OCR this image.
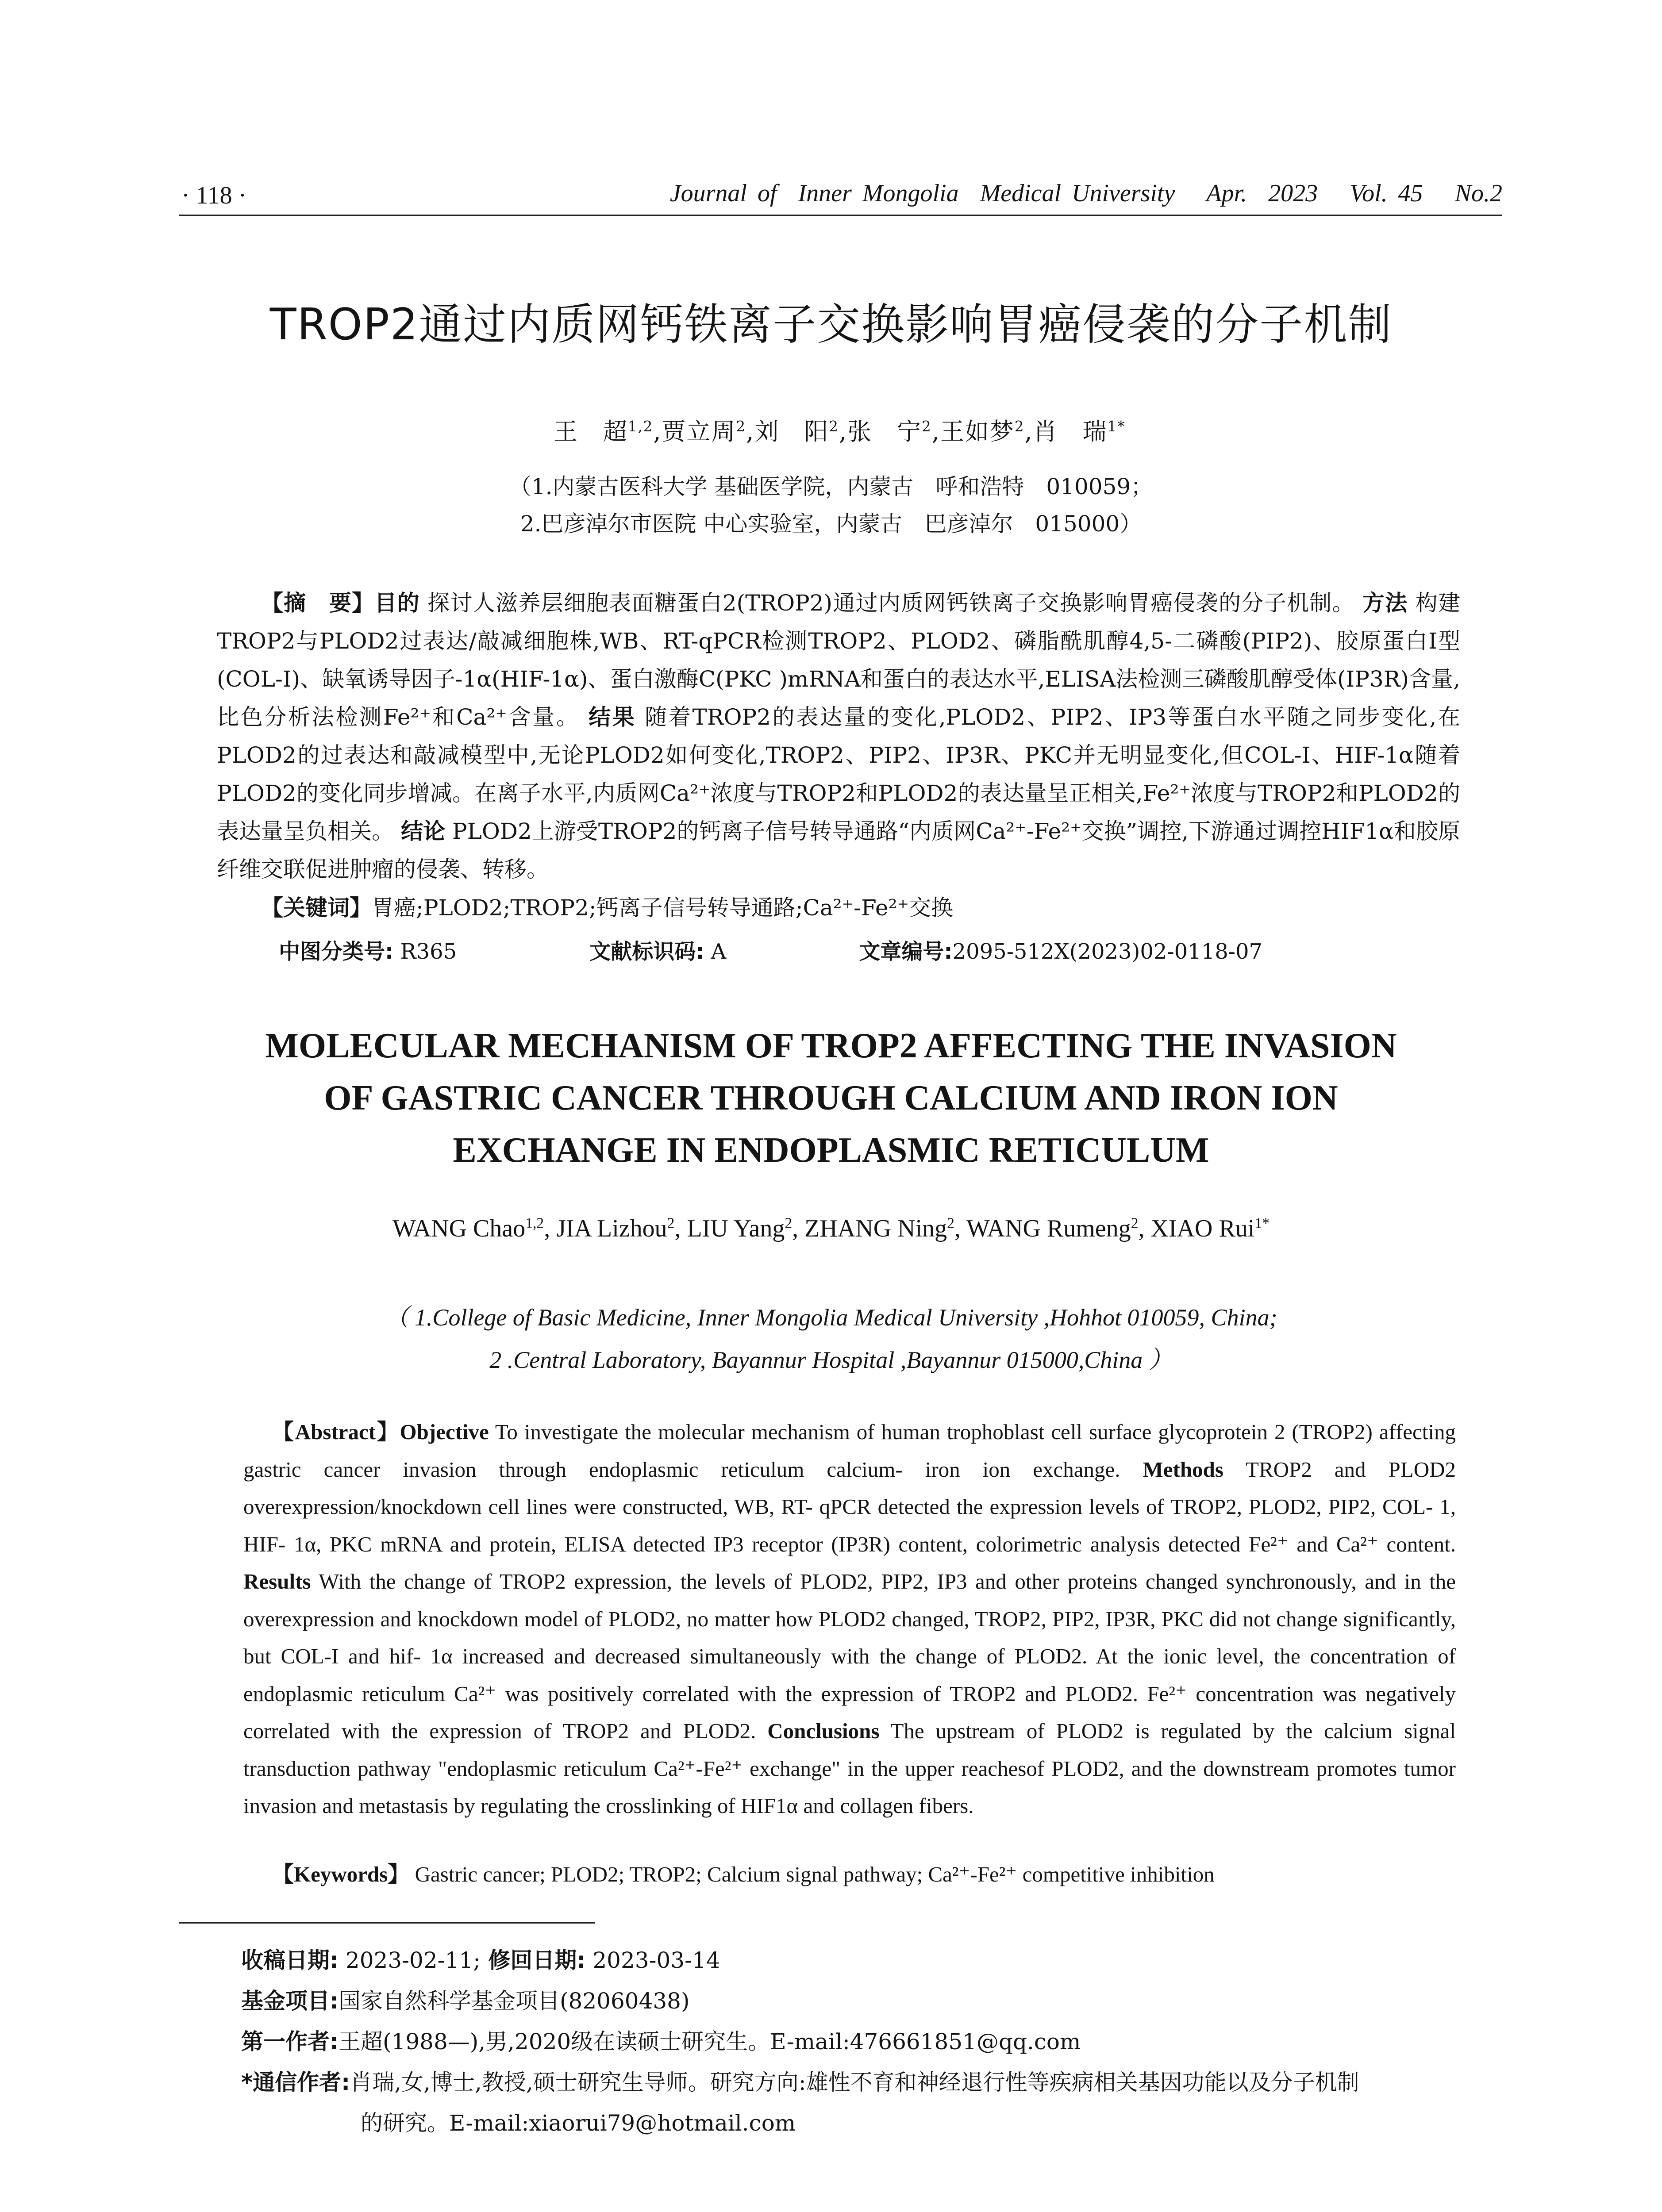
· 118 ·	Journal of  Inner Mongolia  Medical University   Apr.  2023   Vol. 45   No.2
TROP2通过内质网钙铁离子交换影响胃癌侵袭的分子机制

王　超$^{1,2}$,贾立周$^2$,刘　阳$^2$,张　宁$^2$,王如梦$^2$,肖　瑞$^{1*}$

（1.内蒙古医科大学 基础医学院，内蒙古　呼和浩特　010059；
2.巴彦淖尔市医院 中心实验室，内蒙古　巴彦淖尔　015000）
【摘　要】目的 探讨人滋养层细胞表面糖蛋白2(TROP2)通过内质网钙铁离子交换影响胃癌侵袭的分子机制。 方法 构建TROP2与PLOD2过表达/敲减细胞株,WB、RT-qPCR检测TROP2、PLOD2、磷脂酰肌醇4,5-二磷酸(PIP2)、胶原蛋白I型(COL-I)、缺氧诱导因子-1α(HIF-1α)、蛋白激酶C(PKC )mRNA和蛋白的表达水平,ELISA法检测三磷酸肌醇受体(IP3R)含量,比色分析法检测Fe²⁺和Ca²⁺含量。 结果 随着TROP2的表达量的变化,PLOD2、PIP2、IP3等蛋白水平随之同步变化,在PLOD2的过表达和敲减模型中,无论PLOD2如何变化,TROP2、PIP2、IP3R、PKC并无明显变化,但COL-I、HIF-1α随着PLOD2的变化同步增减。在离子水平,内质网Ca²⁺浓度与TROP2和PLOD2的表达量呈正相关,Fe²⁺浓度与TROP2和PLOD2的表达量呈负相关。 结论 PLOD2上游受TROP2的钙离子信号转导通路“内质网Ca²⁺-Fe²⁺交换”调控,下游通过调控HIF1α和胶原纤维交联促进肿瘤的侵袭、转移。
【关键词】胃癌;PLOD2;TROP2;钙离子信号转导通路;Ca²⁺-Fe²⁺交换
中图分类号: R365	文献标识码: A	文章编号:2095-512X(2023)02-0118-07
MOLECULAR MECHANISM OF TROP2 AFFECTING THE INVASION
OF GASTRIC CANCER THROUGH CALCIUM AND IRON ION
EXCHANGE IN ENDOPLASMIC RETICULUM
WANG Chao$^{1,2}$, JIA Lizhou$^2$, LIU Yang$^2$, ZHANG Ning$^2$, WANG Rumeng$^2$, XIAO Rui$^{1*}$
（ 1.College of Basic Medicine, Inner Mongolia Medical University ,Hohhot 010059, China;
2 .Central Laboratory, Bayannur Hospital ,Bayannur 015000,China ）
【Abstract】Objective To investigate the molecular mechanism of human trophoblast cell surface glycoprotein 2 (TROP2) affecting gastric cancer invasion through endoplasmic reticulum calcium- iron ion exchange. Methods TROP2 and PLOD2 overexpression/knockdown cell lines were constructed, WB, RT- qPCR detected the expression levels of TROP2, PLOD2, PIP2, COL- 1, HIF- 1α, PKC mRNA and protein, ELISA detected IP3 receptor (IP3R) content, colorimetric analysis detected Fe²⁺ and Ca²⁺ content. Results With the change of TROP2 expression, the levels of PLOD2, PIP2, IP3 and other proteins changed synchronously, and in the overexpression and knockdown model of PLOD2, no matter how PLOD2 changed, TROP2, PIP2, IP3R, PKC did not change significantly, but COL-I and hif- 1α increased and decreased simultaneously with the change of PLOD2. At the ionic level, the concentration of endoplasmic reticulum Ca²⁺ was positively correlated with the expression of TROP2 and PLOD2. Fe²⁺ concentration was negatively correlated with the expression of TROP2 and PLOD2. Conclusions The upstream of PLOD2 is regulated by the calcium signal transduction pathway "endoplasmic reticulum Ca²⁺-Fe²⁺ exchange" in the upper reachesof PLOD2, and the downstream promotes tumor invasion and metastasis by regulating the crosslinking of HIF1α and collagen fibers.
【Keywords】 Gastric cancer; PLOD2; TROP2; Calcium signal pathway; Ca²⁺-Fe²⁺ competitive inhibition
收稿日期: 2023-02-11; 修回日期: 2023-03-14
基金项目:国家自然科学基金项目(82060438)
第一作者:王超(1988—),男,2020级在读硕士研究生。E-mail:476661851@qq.com
*通信作者:肖瑞,女,博士,教授,硕士研究生导师。研究方向:雄性不育和神经退行性等疾病相关基因功能以及分子机制
的研究。E-mail:xiaorui79@hotmail.com
